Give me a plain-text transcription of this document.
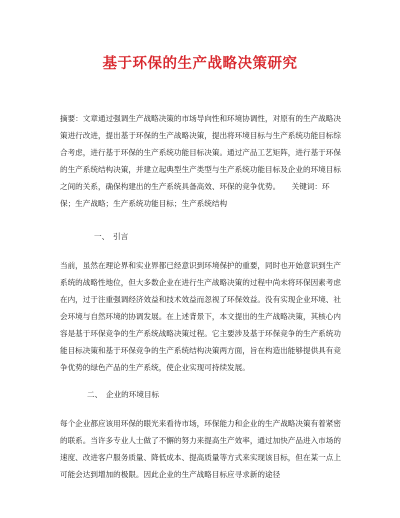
基于环保的生产战略决策研究

摘要：文章通过强调生产战略决策的市场导向性和环境协调性，对原有的生产战略决策进行改进，提出基于环保的生产战略决策，提出将环境目标与生产系统功能目标综合考虑，进行基于环保的生产系统功能目标决策。通过产品工艺矩阵，进行基于环保的生产系统结构决策，并建立起典型生产类型与生产系统功能目标及企业的环境目标之间的关系，确保构建出的生产系统具备高效、环保的竞争优势。　　 关键词：环保；生产战略；生产系统功能目标；生产系统结构

一、　引言

当前，虽然在理论界和实业界都已经意识到环境保护的重要，同时也开始意识到生产系统的战略性地位，但大多数企业在进行生产战略决策的过程中尚未将环保因素考虑在内，过于注重强调经济效益和技术效益而忽视了环保效益。没有实现企业环境、社会环境与自然环境的协调发展。在上述背景下，本文提出的生产战略决策，其核心内容是基于环保竞争的生产系统战略决策过程。它主要涉及基于环保竞争的生产系统功能目标决策和基于环保竞争的生产系统结构决策两方面，旨在构造出能够提供具有竞争优势的绿色产品的生产系统，使企业实现可持续发展。

二、　企业的环境目标

每个企业都应该用环保的眼光来看待市场，环保能力和企业的生产战略决策有着紧密的联系。当许多专业人士做了不懈的努力来提高生产效率，通过加快产品进入市场的速度、改进客户服务质量、降低成本、提高质量等方式来实现该目标，但在某一点上可能会达到增加的极限。因此企业的生产战略目标应寻求新的途径
